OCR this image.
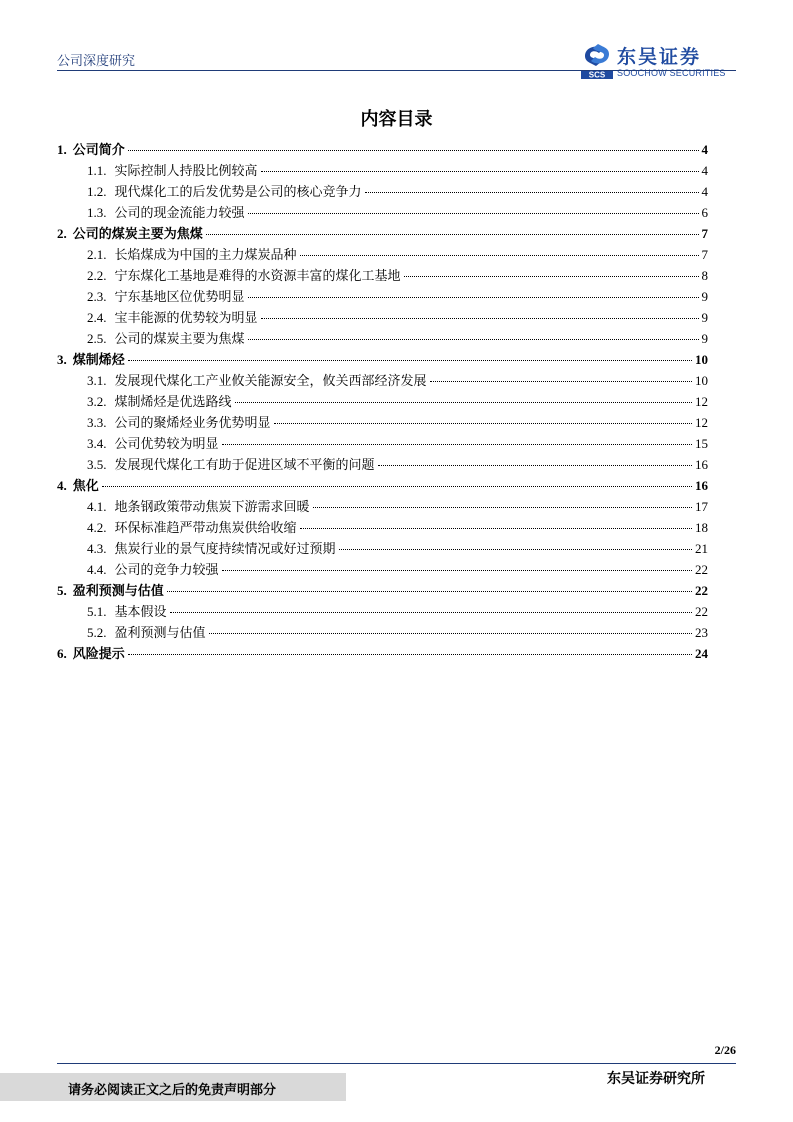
公司深度研究
SCS
东吴证券
SOOCHOW SECURITIES
内容目录
1. 公司简介	4
1.1. 实际控制人持股比例较高	4
1.2. 现代煤化工的后发优势是公司的核心竞争力	4
1.3. 公司的现金流能力较强	6
2. 公司的煤炭主要为焦煤	7
2.1. 长焰煤成为中国的主力煤炭品种	7
2.2. 宁东煤化工基地是难得的水资源丰富的煤化工基地	8
2.3. 宁东基地区位优势明显	9
2.4. 宝丰能源的优势较为明显	9
2.5. 公司的煤炭主要为焦煤	9
3. 煤制烯烃	10
3.1. 发展现代煤化工产业攸关能源安全，攸关西部经济发展	10
3.2. 煤制烯烃是优选路线	12
3.3. 公司的聚烯烃业务优势明显	12
3.4. 公司优势较为明显	15
3.5. 发展现代煤化工有助于促进区域不平衡的问题	16
4. 焦化	16
4.1. 地条钢政策带动焦炭下游需求回暖	17
4.2. 环保标准趋严带动焦炭供给收缩	18
4.3. 焦炭行业的景气度持续情况或好过预期	21
4.4. 公司的竞争力较强	22
5. 盈利预测与估值	22
5.1. 基本假设	22
5.2. 盈利预测与估值	23
6. 风险提示	24
2/26
请务必阅读正文之后的免责声明部分
东吴证券研究所
